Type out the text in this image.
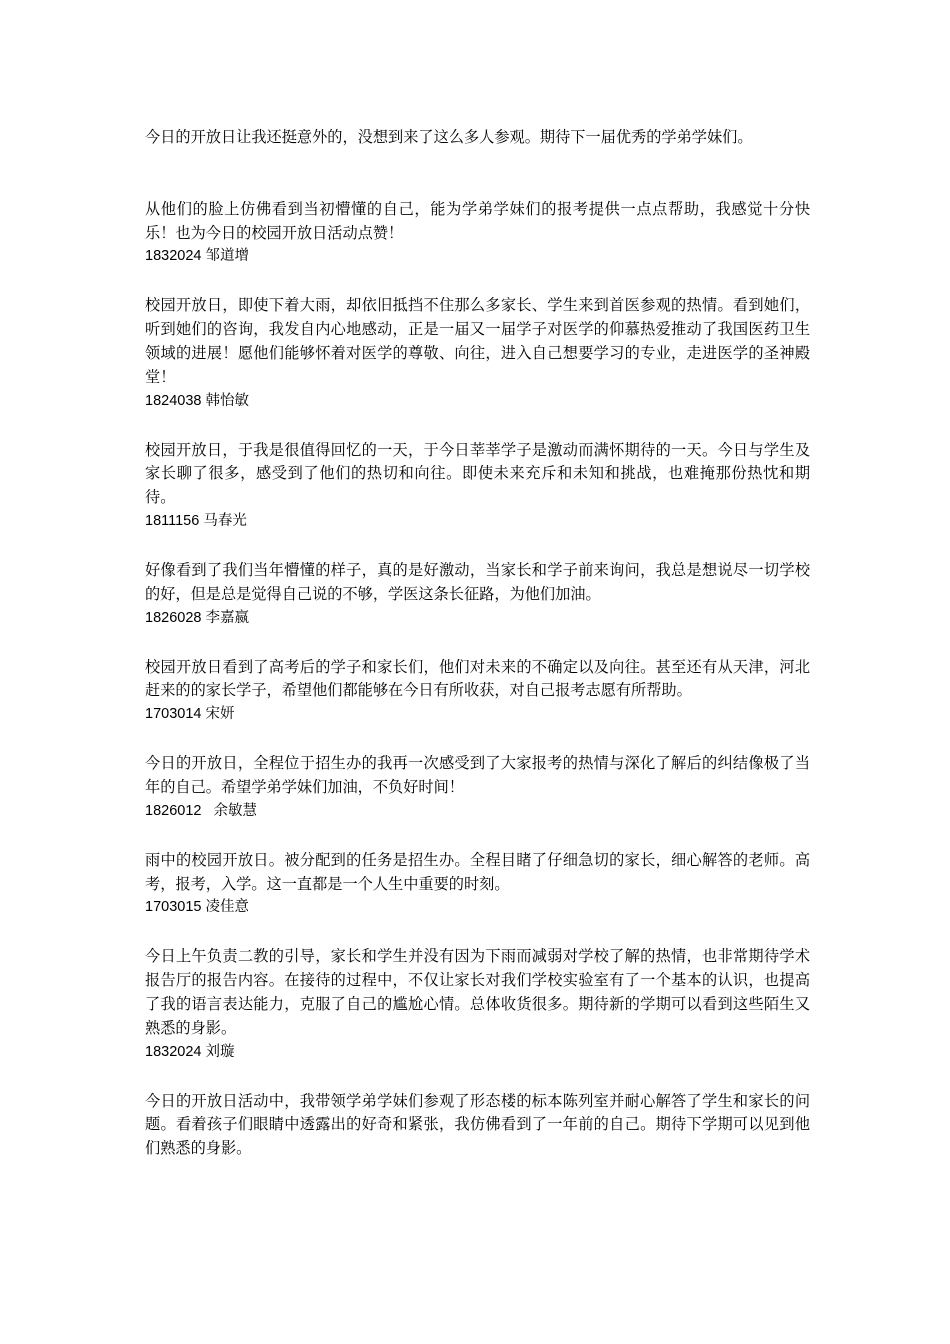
今日的开放日让我还挺意外的，没想到来了这么多人参观。期待下一届优秀的学弟学妹们。

从他们的脸上仿佛看到当初懵懂的自己，能为学弟学妹们的报考提供一点点帮助，我感觉十分快乐！也为今日的校园开放日活动点赞！

1832024 邹道增

校园开放日，即使下着大雨，却依旧抵挡不住那么多家长、学生来到首医参观的热情。看到她们，听到她们的咨询，我发自内心地感动，正是一届又一届学子对医学的仰慕热爱推动了我国医药卫生领域的进展！愿他们能够怀着对医学的尊敬、向往，进入自己想要学习的专业，走进医学的圣神殿堂！

1824038 韩怡敏

校园开放日，于我是很值得回忆的一天，于今日莘莘学子是激动而满怀期待的一天。今日与学生及家长聊了很多，感受到了他们的热切和向往。即使未来充斥和未知和挑战，也难掩那份热忱和期待。

1811156 马春光

好像看到了我们当年懵懂的样子，真的是好激动，当家长和学子前来询问，我总是想说尽一切学校的好，但是总是觉得自己说的不够，学医这条长征路，为他们加油。

1826028 李嘉嬴

校园开放日看到了高考后的学子和家长们，他们对未来的不确定以及向往。甚至还有从天津，河北赶来的的家长学子，希望他们都能够在今日有所收获，对自己报考志愿有所帮助。

1703014 宋妍

今日的开放日，全程位于招生办的我再一次感受到了大家报考的热情与深化了解后的纠结像极了当年的自己。希望学弟学妹们加油，不负好时间！

1826012   余敏慧

雨中的校园开放日。被分配到的任务是招生办。全程目睹了仔细急切的家长，细心解答的老师。高考，报考，入学。这一直都是一个人生中重要的时刻。

1703015 凌佳意

今日上午负责二教的引导，家长和学生并没有因为下雨而减弱对学校了解的热情，也非常期待学术报告厅的报告内容。在接待的过程中，不仅让家长对我们学校实验室有了一个基本的认识，也提高了我的语言表达能力，克服了自己的尴尬心情。总体收货很多。期待新的学期可以看到这些陌生又熟悉的身影。

1832024 刘璇

今日的开放日活动中，我带领学弟学妹们参观了形态楼的标本陈列室并耐心解答了学生和家长的问题。看着孩子们眼睛中透露出的好奇和紧张，我仿佛看到了一年前的自己。期待下学期可以见到他们熟悉的身影。
